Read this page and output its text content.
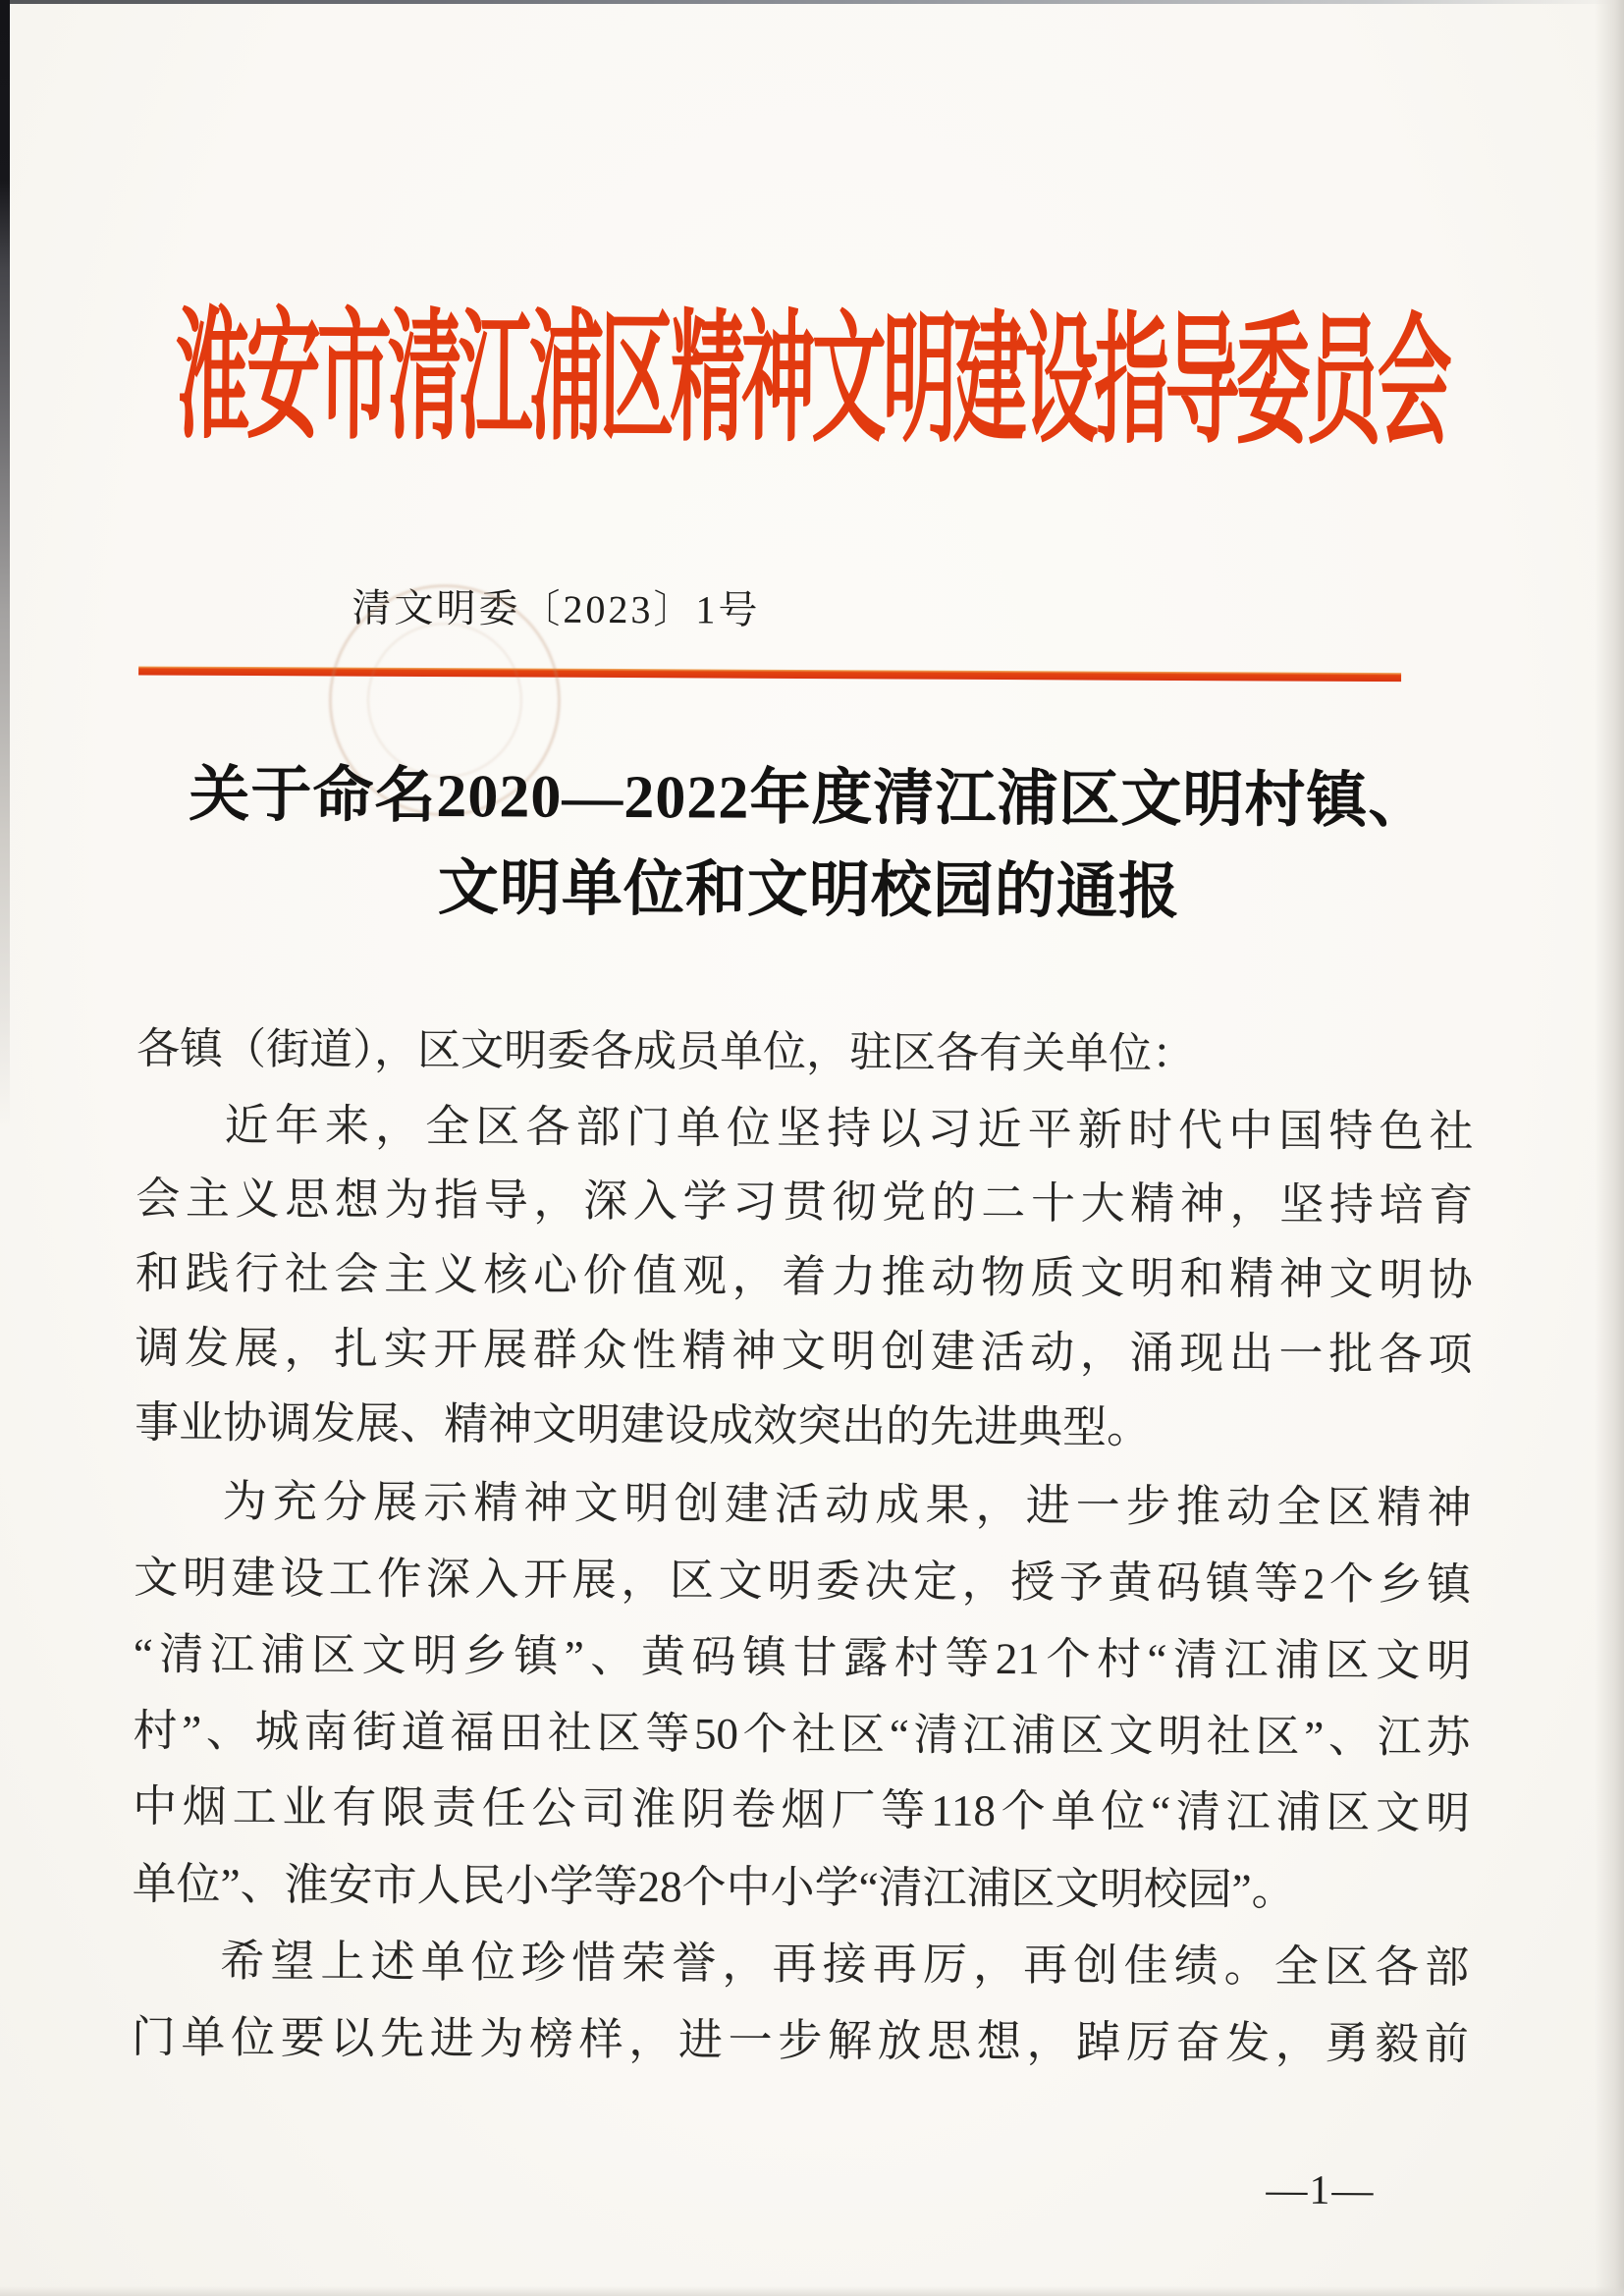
淮安市清江浦区精神文明建设指导委员会
清文明委〔2023〕1号
关于命名2020—2022年度清江浦区文明村镇、
文明单位和文明校园的通报
各镇（街道），区文明委各成员单位，驻区各有关单位：
近年来，全区各部门单位坚持以习近平新时代中国特色社
会主义思想为指导，深入学习贯彻党的二十大精神，坚持培育
和践行社会主义核心价值观，着力推动物质文明和精神文明协
调发展，扎实开展群众性精神文明创建活动，涌现出一批各项
事业协调发展、精神文明建设成效突出的先进典型。
为充分展示精神文明创建活动成果，进一步推动全区精神
文明建设工作深入开展，区文明委决定，授予黄码镇等2个乡镇
“清江浦区文明乡镇”、黄码镇甘露村等21个村“清江浦区文明
村”、城南街道福田社区等50个社区“清江浦区文明社区”、江苏
中烟工业有限责任公司淮阴卷烟厂等118个单位“清江浦区文明
单位”、淮安市人民小学等28个中小学“清江浦区文明校园”。
希望上述单位珍惜荣誉，再接再厉，再创佳绩。全区各部
门单位要以先进为榜样，进一步解放思想，踔厉奋发，勇毅前
—1—
